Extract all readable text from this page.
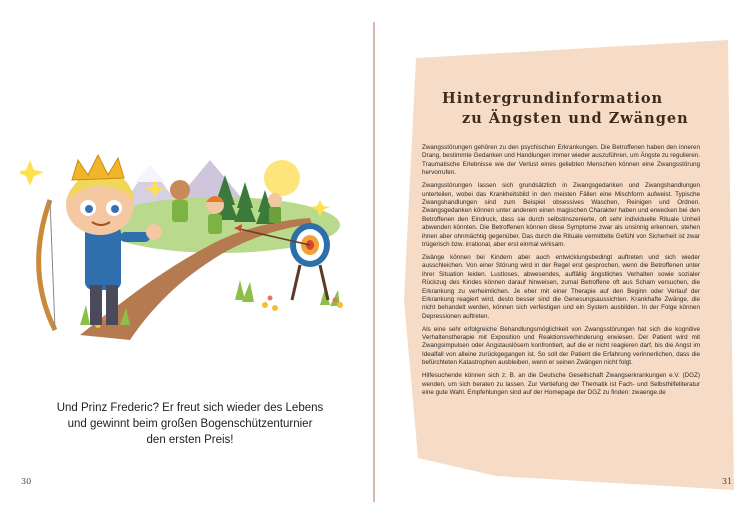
Und Prinz Frederic? Er freut sich wieder des Lebens
und gewinnt beim großen Bogenschützenturnier
den ersten Preis!
30
Hintergrundinformation
zu Ängsten und Zwängen

Zwangsstörungen gehören zu den psychischen Erkrankungen. Die Betroffenen haben den inneren Drang, bestimmte Gedanken und Handlungen immer wieder auszuführen, um Ängste zu regulieren. Traumatische Erlebnisse wie der Verlust eines geliebten Menschen können eine Zwangsstörung hervorrufen.

Zwangsstörungen lassen sich grundsätzlich in Zwangsgedanken und Zwangshandlungen unterteilen, wobei das Krankheitsbild in den meisten Fällen eine Mischform aufweist. Typische Zwangshandlungen sind zum Beispiel obsessives Waschen, Reinigen und Ordnen. Zwangsgedanken können unter anderem einen magischen Charakter haben und erwecken bei den Betroffenen den Eindruck, dass sie durch selbstinszenierte, oft sehr individuelle Rituale Unheil abwenden könnten. Die Betroffenen können diese Symptome zwar als unsinnig erkennen, stehen ihnen aber ohnmächtig gegenüber. Das durch die Rituale vermittelte Gefühl von Sicherheit ist zwar trügerisch bzw. irrational, aber erst einmal wirksam.

Zwänge können bei Kindern aber auch entwicklungsbedingt auftreten und sich wieder ausschleichen. Von einer Störung wird in der Regel erst gesprochen, wenn die Betroffenen unter ihrer Situation leiden. Lustloses, abwesendes, auffällig ängstliches Verhalten sowie sozialer Rückzug des Kindes können darauf hinweisen, zumal Betroffene oft aus Scham versuchen, die Erkrankung zu verheimlichen. Je eher mit einer Therapie auf den Beginn oder Verlauf der Erkrankung reagiert wird, desto besser sind die Genesungsaussichten. Krankhafte Zwänge, die nicht behandelt werden, können sich verfestigen und ein System ausbilden. In der Folge können Depressionen auftreten.

Als eine sehr erfolgreiche Behandlungsmöglichkeit von Zwangsstörungen hat sich die kognitive Verhaltenstherapie mit Exposition und Reaktionsverhinderung erwiesen. Der Patient wird mit Zwangsimpulsen oder Angstauslösern konfrontiert, auf die er nicht reagieren darf, bis die Angst im Idealfall von alleine zurückgegangen ist. So soll der Patient die Erfahrung verinnerlichen, dass die befürchteten Katastrophen ausbleiben, wenn er seinen Zwängen nicht folgt.

Hilfesuchende können sich z. B. an die Deutsche Gesellschaft Zwangserkrankungen e.V. (DGZ) wenden, um sich beraten zu lassen. Zur Vertiefung der Thematik ist Fach- und Selbsthilfeliteratur eine gute Wahl. Empfehlungen sind auf der Homepage der DGZ zu finden: zwaenge.de

31
